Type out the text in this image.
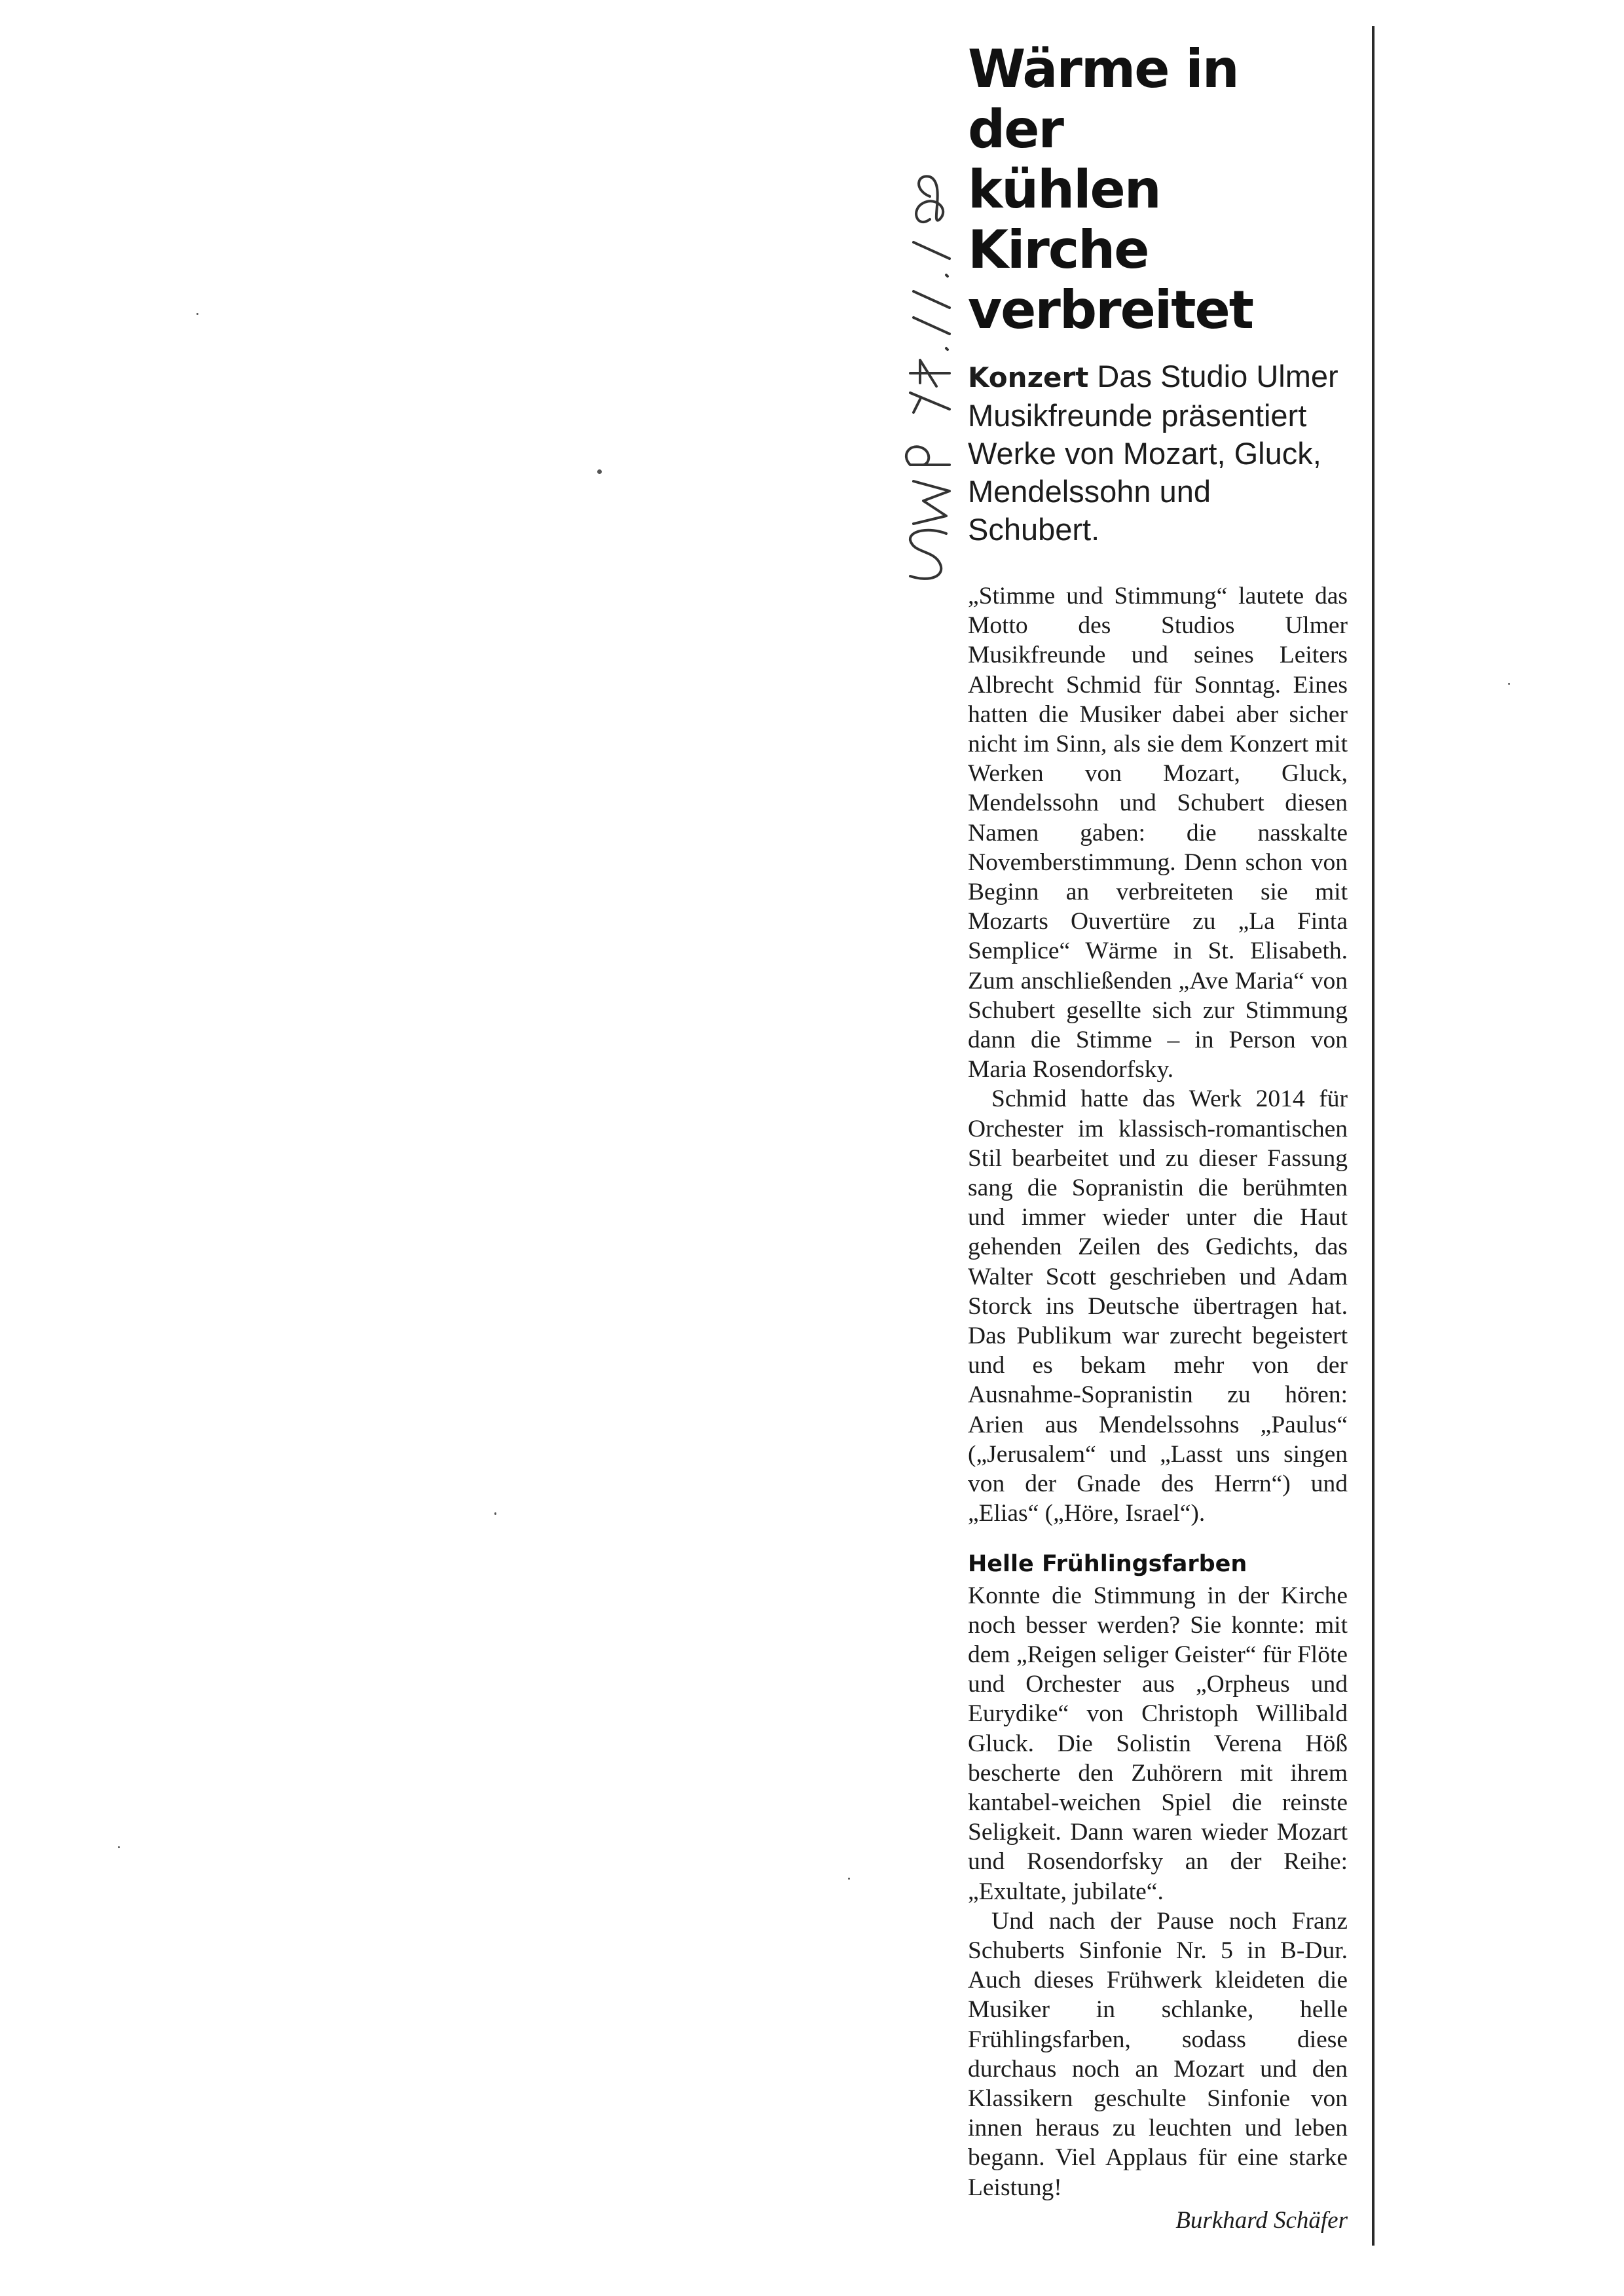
Wärme in der
kühlen Kirche
verbreitet

Konzert Das Studio Ulmer Musikfreunde präsentiert Werke von Mozart, Gluck, Mendelssohn und Schubert.

„Stimme und Stimmung“ lautete das Motto des Studios Ulmer Musikfreunde und seines Leiters Albrecht Schmid für Sonntag. Eines hatten die Musiker dabei aber sicher nicht im Sinn, als sie dem Konzert mit Werken von Mozart, Gluck, Mendelssohn und Schubert diesen Namen gaben: die nasskalte Novemberstimmung. Denn schon von Beginn an verbreiteten sie mit Mozarts Ouvertüre zu „La Finta Semplice“ Wärme in St. Elisabeth. Zum anschließenden „Ave Maria“ von Schubert gesellte sich zur Stimmung dann die Stimme – in Person von Maria Rosendorfsky.

Schmid hatte das Werk 2014 für Orchester im klassisch-romantischen Stil bearbeitet und zu dieser Fassung sang die Sopranistin die berühmten und immer wieder unter die Haut gehenden Zeilen des Gedichts, das Walter Scott geschrieben und Adam Storck ins Deutsche übertragen hat. Das Publikum war zurecht begeistert und es bekam mehr von der Ausnahme-Sopranistin zu hören: Arien aus Mendelssohns „Paulus“ („Jerusalem“ und „Lasst uns singen von der Gnade des Herrn“) und „Elias“ („Höre, Israel“).

Helle Frühlingsfarben

Konnte die Stimmung in der Kirche noch besser werden? Sie konnte: mit dem „Reigen seliger Geister“ für Flöte und Orchester aus „Orpheus und Eurydike“ von Christoph Willibald Gluck. Die Solistin Verena Höß bescherte den Zuhörern mit ihrem kantabel-weichen Spiel die reinste Seligkeit. Dann waren wieder Mozart und Rosendorfsky an der Reihe: „Exultate, jubilate“.

Und nach der Pause noch Franz Schuberts Sinfonie Nr. 5 in B-Dur. Auch dieses Frühwerk kleideten die Musiker in schlanke, helle Frühlingsfarben, sodass diese durchaus noch an Mozart und den Klassikern geschulte Sinfonie von innen heraus zu leuchten und leben begann. Viel Applaus für eine starke Leistung!

Burkhard Schäfer
